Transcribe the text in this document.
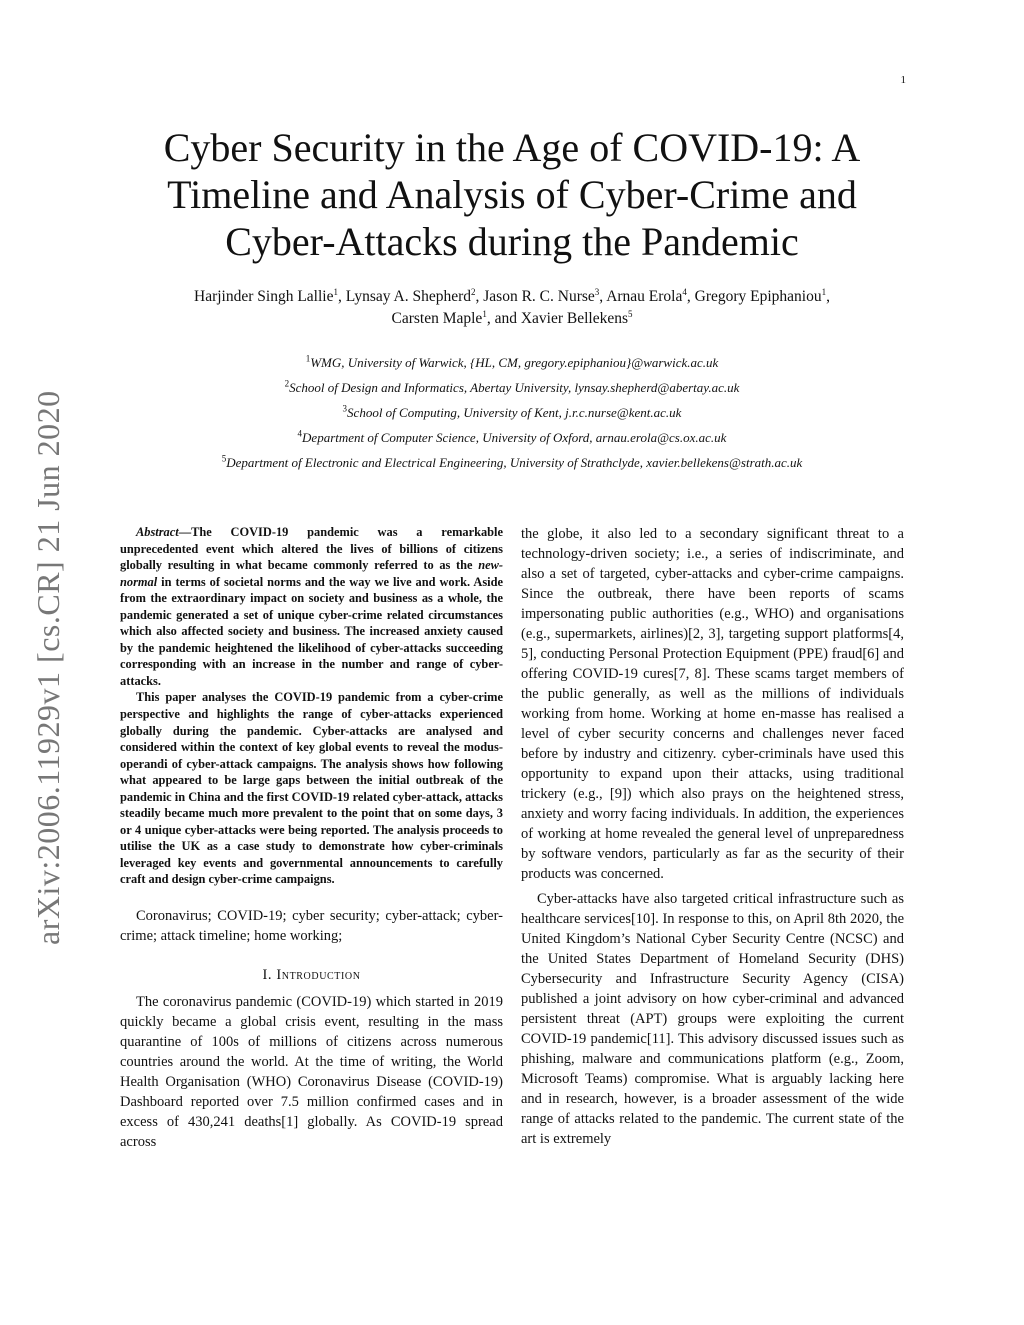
1
arXiv:2006.11929v1 [cs.CR] 21 Jun 2020
Cyber Security in the Age of COVID-19: A Timeline and Analysis of Cyber-Crime and Cyber-Attacks during the Pandemic
Harjinder Singh Lallie$^1$, Lynsay A. Shepherd$^2$, Jason R. C. Nurse$^3$, Arnau Erola$^4$, Gregory Epiphaniou$^1$,
Carsten Maple$^1$, and Xavier Bellekens$^5$
$^1$WMG, University of Warwick, {HL, CM, gregory.epiphaniou}@warwick.ac.uk
$^2$School of Design and Informatics, Abertay University, lynsay.shepherd@abertay.ac.uk
$^3$School of Computing, University of Kent, j.r.c.nurse@kent.ac.uk
$^4$Department of Computer Science, University of Oxford, arnau.erola@cs.ox.ac.uk
$^5$Department of Electronic and Electrical Engineering, University of Strathclyde, xavier.bellekens@strath.ac.uk

Abstract—The COVID-19 pandemic was a remarkable unprecedented event which altered the lives of billions of citizens globally resulting in what became commonly referred to as the new-normal in terms of societal norms and the way we live and work. Aside from the extraordinary impact on society and business as a whole, the pandemic generated a set of unique cyber-crime related circumstances which also affected society and business. The increased anxiety caused by the pandemic heightened the likelihood of cyber-attacks succeeding corresponding with an increase in the number and range of cyber-attacks.

This paper analyses the COVID-19 pandemic from a cyber-crime perspective and highlights the range of cyber-attacks experienced globally during the pandemic. Cyber-attacks are analysed and considered within the context of key global events to reveal the modus-operandi of cyber-attack campaigns. The analysis shows how following what appeared to be large gaps between the initial outbreak of the pandemic in China and the first COVID-19 related cyber-attack, attacks steadily became much more prevalent to the point that on some days, 3 or 4 unique cyber-attacks were being reported. The analysis proceeds to utilise the UK as a case study to demonstrate how cyber-criminals leveraged key events and governmental announcements to carefully craft and design cyber-crime campaigns.

Coronavirus; COVID-19; cyber security; cyber-attack; cyber-crime; attack timeline; home working;

I. Introduction

The coronavirus pandemic (COVID-19) which started in 2019 quickly became a global crisis event, resulting in the mass quarantine of 100s of millions of citizens across numerous countries around the world. At the time of writing, the World Health Organisation (WHO) Coronavirus Disease (COVID-19) Dashboard reported over 7.5 million confirmed cases and in excess of 430,241 deaths[1] globally. As COVID-19 spread across

the globe, it also led to a secondary significant threat to a technology-driven society; i.e., a series of indiscriminate, and also a set of targeted, cyber-attacks and cyber-crime campaigns. Since the outbreak, there have been reports of scams impersonating public authorities (e.g., WHO) and organisations (e.g., supermarkets, airlines)[2, 3], targeting support platforms[4, 5], conducting Personal Protection Equipment (PPE) fraud[6] and offering COVID-19 cures[7, 8]. These scams target members of the public generally, as well as the millions of individuals working from home. Working at home en-masse has realised a level of cyber security concerns and challenges never faced before by industry and citizenry. cyber-criminals have used this opportunity to expand upon their attacks, using traditional trickery (e.g., [9]) which also prays on the heightened stress, anxiety and worry facing individuals. In addition, the experiences of working at home revealed the general level of unpreparedness by software vendors, particularly as far as the security of their products was concerned.

Cyber-attacks have also targeted critical infrastructure such as healthcare services[10]. In response to this, on April 8th 2020, the United Kingdom’s National Cyber Security Centre (NCSC) and the United States Department of Homeland Security (DHS) Cybersecurity and Infrastructure Security Agency (CISA) published a joint advisory on how cyber-criminal and advanced persistent threat (APT) groups were exploiting the current COVID-19 pandemic[11]. This advisory discussed issues such as phishing, malware and communications platform (e.g., Zoom, Microsoft Teams) compromise. What is arguably lacking here and in research, however, is a broader assessment of the wide range of attacks related to the pandemic. The current state of the art is extremely
